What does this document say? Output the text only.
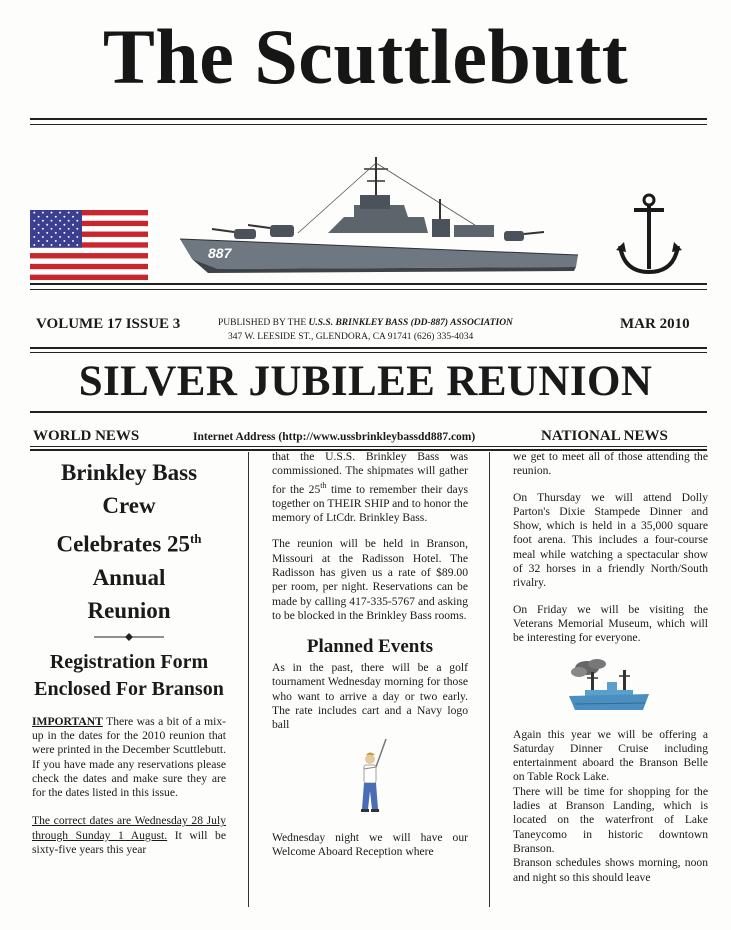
The Scuttlebutt
887
VOLUME 17 ISSUE 3	PUBLISHED BY THE U.S.S. BRINKLEY BASS (DD-887) ASSOCIATION
347 W. LEESIDE ST., GLENDORA, CA 91741 (626) 335-4034
MAR 2010
SILVER JUBILEE REUNION
WORLD NEWS	Internet Address (http://www.ussbrinkleybassdd887.com)	NATIONAL NEWS
Brinkley Bass
Crew
Celebrates 25th
Annual
Reunion
Registration Form Enclosed For Branson

IMPORTANT There was a bit of a mix-up in the dates for the 2010 reunion that were printed in the December Scuttlebutt. If you have made any reservations please check the dates and make sure they are for the dates listed in this issue.

The correct dates are Wednesday 28 July through Sunday 1 August. It will be sixty-five years this year

that the U.S.S. Brinkley Bass was commissioned. The shipmates will gather for the 25th time to remember their days together on THEIR SHIP and to honor the memory of LtCdr. Brinkley Bass.

The reunion will be held in Branson, Missouri at the Radisson Hotel. The Radisson has given us a rate of $89.00 per room, per night. Reservations can be made by calling 417-335-5767 and asking to be blocked in the Brinkley Bass rooms.

Planned Events

As in the past, there will be a golf tournament Wednesday morning for those who want to arrive a day or two early. The rate includes cart and a Navy logo ball

Wednesday night we will have our Welcome Aboard Reception where

we get to meet all of those attending the reunion.

On Thursday we will attend Dolly Parton's Dixie Stampede Dinner and Show, which is held in a 35,000 square foot arena. This includes a four-course meal while watching a spectacular show of 32 horses in a friendly North/South rivalry.

On Friday we will be visiting the Veterans Memorial Museum, which will be interesting for everyone.

Again this year we will be offering a Saturday Dinner Cruise including entertainment aboard the Branson Belle on Table Rock Lake.

There will be time for shopping for the ladies at Branson Landing, which is located on the waterfront of Lake Taneycomo in historic downtown Branson.

Branson schedules shows morning, noon and night so this should leave
